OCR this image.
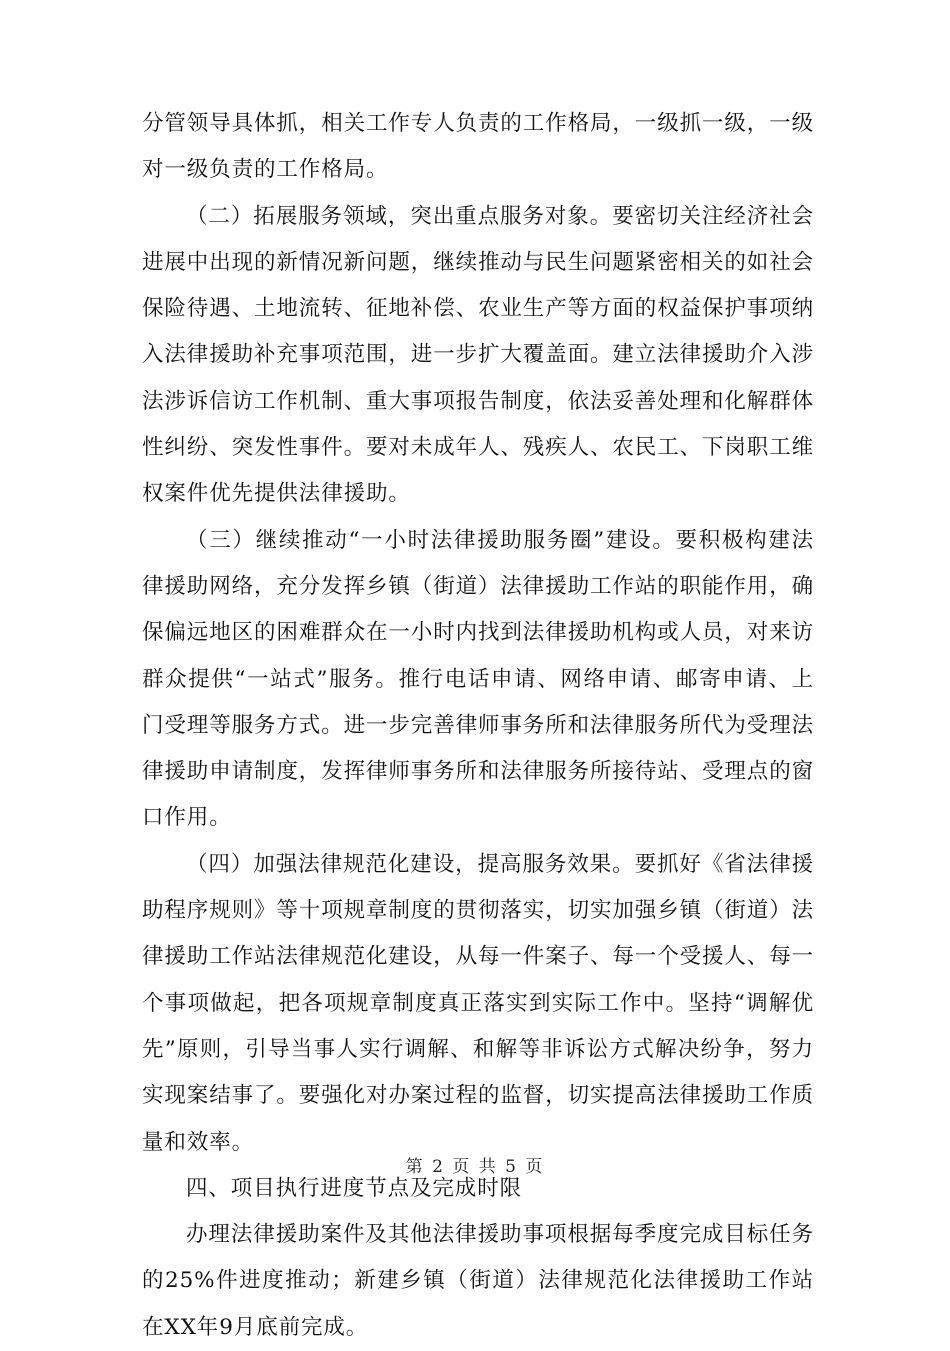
分管领导具体抓，相关工作专人负责的工作格局，一级抓一级，一级对一级负责的工作格局。

（二）拓展服务领域，突出重点服务对象。要密切关注经济社会进展中出现的新情况新问题，继续推动与民生问题紧密相关的如社会保险待遇、土地流转、征地补偿、农业生产等方面的权益保护事项纳入法律援助补充事项范围，进一步扩大覆盖面。建立法律援助介入涉法涉诉信访工作机制、重大事项报告制度，依法妥善处理和化解群体性纠纷、突发性事件。要对未成年人、残疾人、农民工、下岗职工维权案件优先提供法律援助。

（三）继续推动“一小时法律援助服务圈”建设。要积极构建法律援助网络，充分发挥乡镇（街道）法律援助工作站的职能作用，确保偏远地区的困难群众在一小时内找到法律援助机构或人员，对来访群众提供“一站式”服务。推行电话申请、网络申请、邮寄申请、上门受理等服务方式。进一步完善律师事务所和法律服务所代为受理法律援助申请制度，发挥律师事务所和法律服务所接待站、受理点的窗口作用。

（四）加强法律规范化建设，提高服务效果。要抓好《省法律援助程序规则》等十项规章制度的贯彻落实，切实加强乡镇（街道）法律援助工作站法律规范化建设，从每一件案子、每一个受援人、每一个事项做起，把各项规章制度真正落实到实际工作中。坚持“调解优先”原则，引导当事人实行调解、和解等非诉讼方式解决纷争，努力实现案结事了。要强化对办案过程的监督，切实提高法律援助工作质量和效率。

四、项目执行进度节点及完成时限

办理法律援助案件及其他法律援助事项根据每季度完成目标任务的25%件进度推动；新建乡镇（街道）法律规范化法律援助工作站在XX年9月底前完成。

第 2 页 共 5 页
